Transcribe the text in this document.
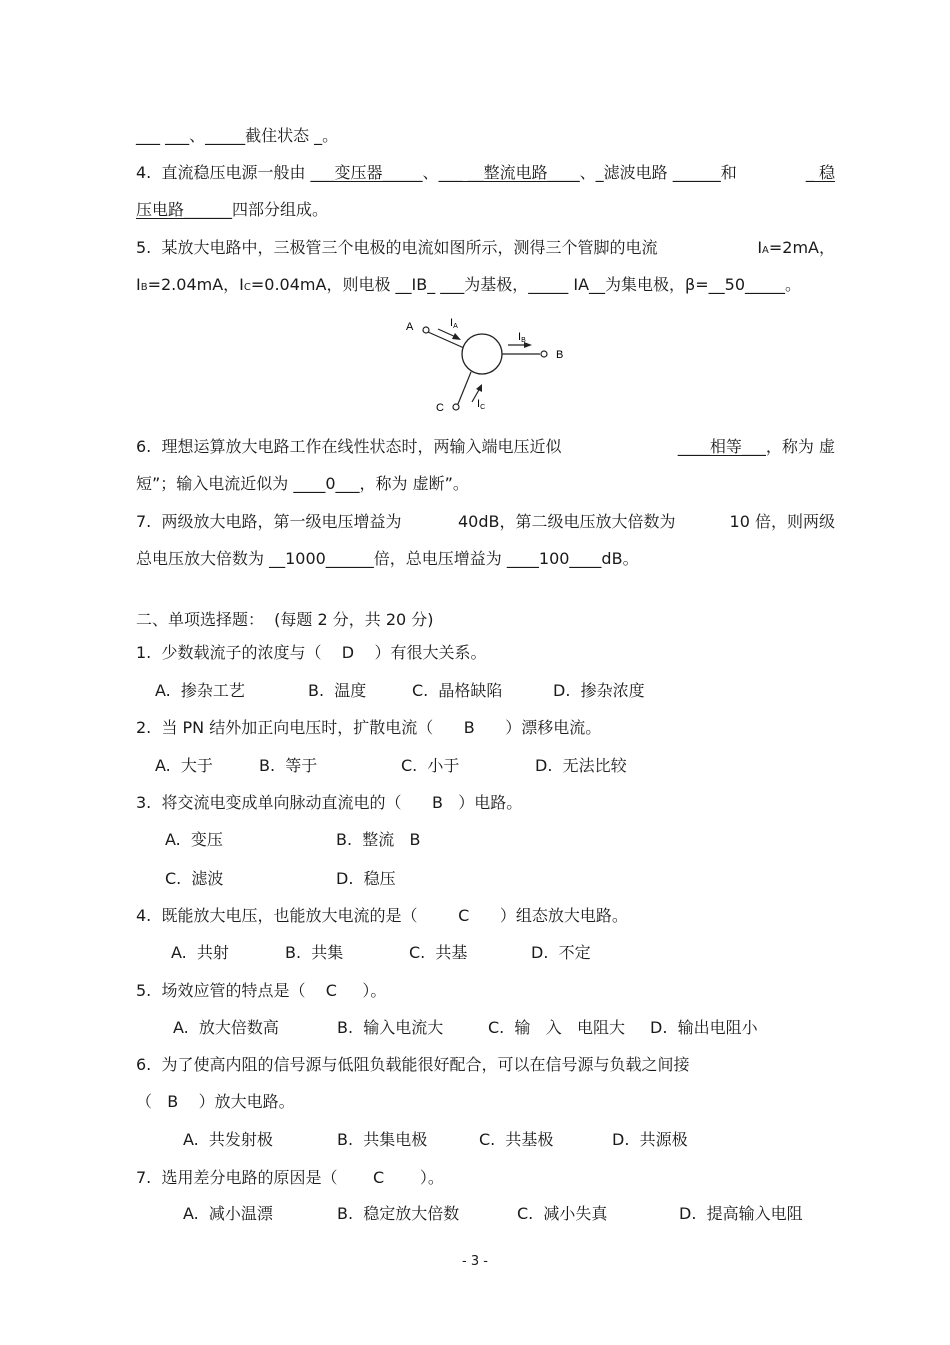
___ ___、_____截住状态 _。
4.  直流稳压电源一般由 ___变压器_____、___ __整流电路____、_滤波电路 ______和	_ 稳
压电路______四部分组成。
5.  某放大电路中，三极管三个电极的电流如图所示，测得三个管脚的电流	IA=2mA，
IB=2.04mA，IC=0.04mA，则电极 __IB_ ___为基极，_____ IA__为集电极，β=__50_____。
A	IA
IB
B
IC
C
6.  理想运算放大电路工作在线性状态时，两输入端电压近似	____相等___，称为 虚
短”；输入电流近似为 ____0___，称为 虚断”。
7.  两级放大电路，第一级电压增益为	40dB，第二级电压放大倍数为	10 倍，则两级
总电压放大倍数为 __1000______倍，总电压增益为 ____100____dB。
二、单项选择题：  (每题 2 分，共 20 分)
1.  少数载流子的浓度与（    D    ）有很大关系。
A.  掺杂工艺	B.  温度	C.  晶格缺陷	D.  掺杂浓度
2.  当 PN 结外加正向电压时，扩散电流（      B      ）漂移电流。
A.  大于	B.  等于	C.  小于	D.  无法比较
3.  将交流电变成单向脉动直流电的（      B   ）电路。
A.  变压	B.  整流   B
C.  滤波	D.  稳压
4.  既能放大电压，也能放大电流的是（        C      ）组态放大电路。
A.  共射	B.  共集	C.  共基	D.  不定
5.  场效应管的特点是（    C     ）。
A.  放大倍数高	B.  输入电流大	C.  输   入   电阻大 D.  输出电阻小
6.  为了使高内阻的信号源与低阻负载能很好配合，可以在信号源与负载之间接
（   B    ）放大电路。
A.  共发射极	B.  共集电极	C.  共基极	D.  共源极
7.  选用差分电路的原因是（       C       ）。
A.  减小温漂	B.  稳定放大倍数	C.  减小失真	D.  提高输入电阻
- 3 -
